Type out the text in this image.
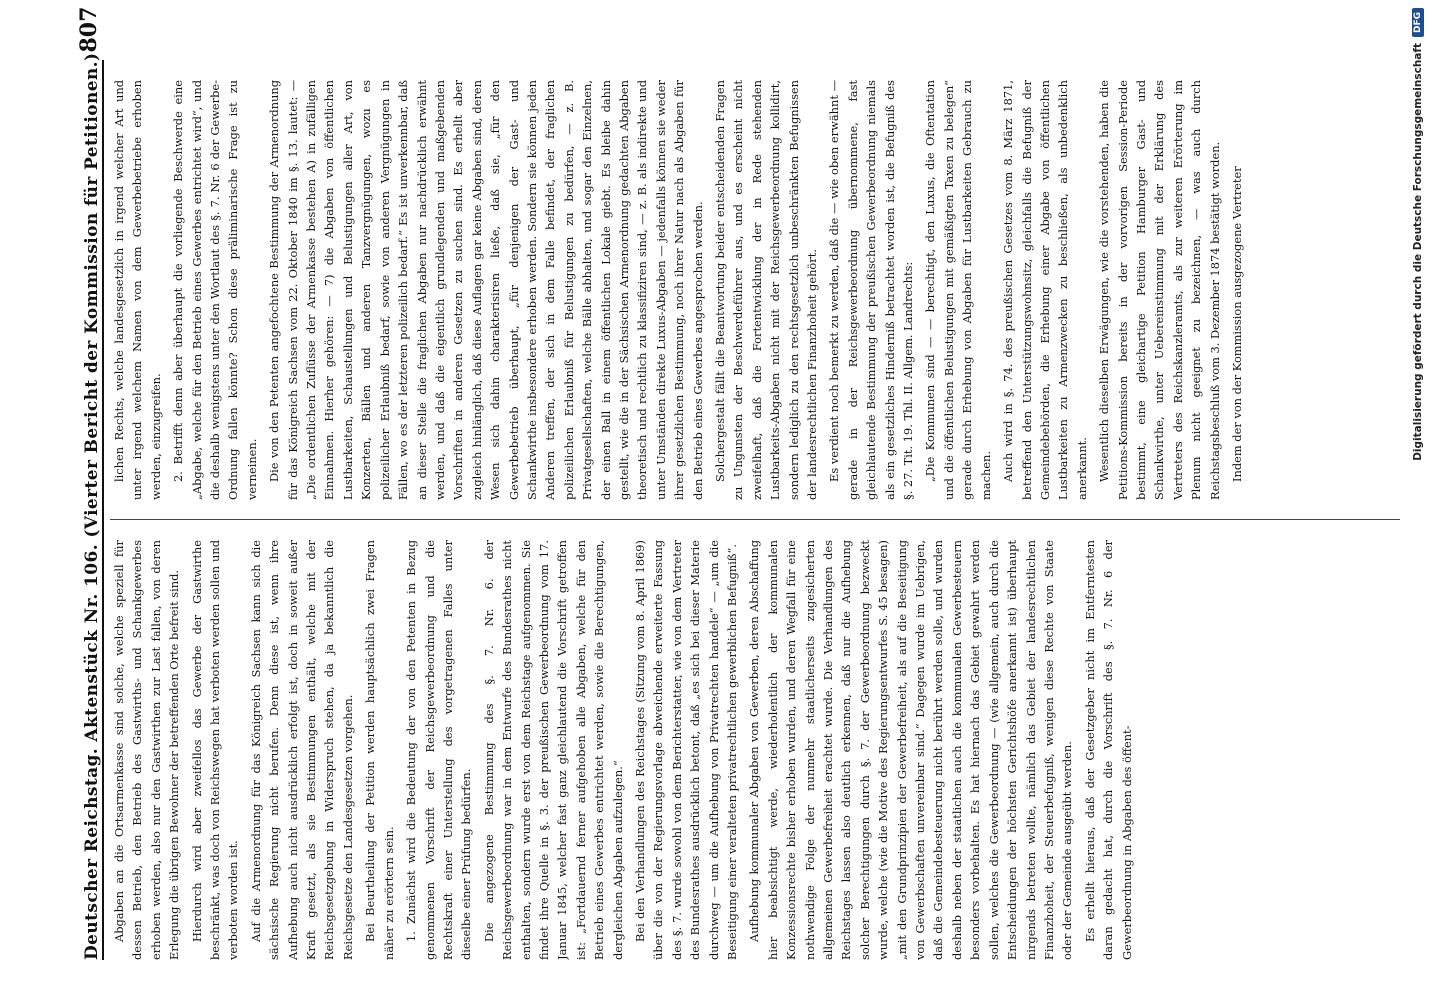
Deutscher Reichstag. Aktenstück Nr. 106. (Vierter Bericht der Kommission für Petitionen.)
807

Abgaben an die Ortsarmenkasse sind solche, welche speziell für dessen Betrieb, den Betrieb des Gastwirths- und Schankgewerbes erhoben werden, also nur den Gastwirthen zur Last fallen, von deren Erlegung die übrigen Bewohner der betreffenden Orte befreit sind. Hierdurch wird aber zweifellos das Gewerbe der Gastwirthe beschränkt, was doch von Reichswegen hat verboten werden sollen und verboten worden ist. Auf die Armenordnung für das Königreich Sachsen kann sich die sächsische Regierung nicht berufen. Denn diese ist, wenn ihre Aufhebung auch nicht ausdrücklich erfolgt ist, doch in soweit außer Kraft gesetzt, als sie Bestimmungen enthält, welche mit der Reichsgesetzgebung in Widerspruch stehen, da ja bekanntlich die Reichsgesetze den Landesgesetzen vorgehen. Bei Beurtheilung der Petition werden hauptsächlich zwei Fragen näher zu erörtern sein. 1. Zunächst wird die Bedeutung der von den Petenten in Bezug genommenen Vorschrift der Reichsgewerbeordnung und die Rechtskraft einer Unterstellung des vorgetragenen Falles unter dieselbe einer Prüfung bedürfen. Die angezogene Bestimmung des §. 7. Nr. 6. der Reichsgewerbeordnung war in dem Entwurfe des Bundesrathes nicht enthalten, sondern wurde erst von dem Reichstage aufgenommen. Sie findet ihre Quelle in §. 3. der preußischen Gewerbeordnung vom 17. Januar 1845, welcher fast ganz gleichlautend die Vorschrift getroffen ist: „Fortdauernd ferner aufgehoben alle Abgaben, welche für den Betrieb eines Gewerbes entrichtet werden, sowie die Berechtigungen, dergleichen Abgaben aufzulegen.“ Bei den Verhandlungen des Reichstages (Sitzung vom 8. April 1869) über die von der Regierungsvorlage abweichende erweiterte Fassung des §. 7. wurde sowohl von dem Berichterstatter, wie von dem Vertreter des Bundesrathes ausdrücklich betont, daß „es sich bei dieser Materie durchweg — um die Aufhebung von Privatrechten handele“ — „um die Beseitigung einer veralteten privatrechtlichen gewerblichen Befugniß“. Aufhebung kommunaler Abgaben von Gewerben, deren Abschaffung hier beabsichtigt werde, wiederholentlich der kommunalen Konzessionsrechte bisher erhoben wurden, und deren Wegfall für eine nothwendige Folge der nunmehr staatlicherseits zugesicherten allgemeinen Gewerbefreiheit erachtet wurde. Die Verhandlungen des Reichstages lassen also deutlich erkennen, daß nur die Aufhebung solcher Berechtigungen durch §. 7. der Gewerbeordnung bezweckt wurde, welche (wie die Motive des Regierungsentwurfes S. 45 besagen) „mit den Grundprinzipien der Gewerbefreiheit, als auf die Beseitigung von Gewerbschaften unvereinbar sind.“ Dagegen wurde im Uebrigen, daß die Gemeindebesteuerung nicht berührt werden solle, und wurden deshalb neben der staatlichen auch die kommunalen Gewerbesteuern besonders vorbehalten. Es hat hiernach das Gebiet gewahrt werden sollen, welches die Gewerbeordnung — (wie allgemein, auch durch die Entscheidungen der höchsten Gerichtshöfe anerkannt ist) überhaupt nirgends betreten wollte, nämlich das Gebiet der landesrechtlichen Finanzhoheit, der Steuerbefugniß, wenigen diese Rechte von Staate oder der Gemeinde ausgeübt werden. Es erhellt hieraus, daß der Gesetzgeber nicht im Entferntesten daran gedacht hat, durch die Vorschrift des §. 7. Nr. 6 der Gewerbeordnung in Abgaben des öffent-

lichen Rechts, welche landesgesetzlich in irgend welcher Art und unter irgend welchem Namen von dem Gewerbebetriebe erhoben werden, einzugreifen. 2. Betrifft denn aber überhaupt die vorliegende Beschwerde eine „Abgabe, welche für den Betrieb eines Gewerbes entrichtet wird“, und die deshalb wenigstens unter den Wortlaut des §. 7. Nr. 6 der Gewerbe-Ordnung fallen könnte? Schon diese präliminarische Frage ist zu verneinen. Die von den Petenten angefochtene Bestimmung der Armenordnung für das Königreich Sachsen vom 22. Oktober 1840 im §. 13. lautet: — „Die ordentlichen Zuflüsse der Armenkasse bestehen A) in zufälligen Einnahmen. Hierher gehören: — 7) die Abgaben von öffentlichen Lustbarkeiten, Schaustellungen und Belustigungen aller Art, von Konzerten, Bällen und anderen Tanzvergnügungen, wozu es polizeilicher Erlaubniß bedarf, sowie von anderen Vergnügungen in Fällen, wo es der letzteren polizeilich bedarf.“ Es ist unverkennbar, daß an dieser Stelle die fraglichen Abgaben nur nachdrücklich erwähnt werden, und daß die eigentlich grundlegenden und maßgebenden Vorschriften in anderen Gesetzen zu suchen sind. Es erhellt aber zugleich hinlänglich, daß diese Auflagen gar keine Abgaben sind, deren Wesen sich dahin charakterisiren ließe, daß sie, „für den Gewerbebetrieb überhaupt, „für denjenigen der Gast- und Schankwirthe insbesondere erhoben werden. Sondern sie können jeden Anderen treffen, der sich in dem Falle befindet, der fraglichen polizeilichen Erlaubniß für Belustigungen zu bedürfen, — z. B. Privatgesellschaften, welche Bälle abhalten, und sogar den Einzelnen, der einen Ball in einem öffentlichen Lokale giebt. Es bleibe dahin gestellt, wie die in der Sächsischen Armenordnung gedachten Abgaben theoretisch und rechtlich zu klassifiziren sind, — z. B. als indirekte und unter Umständen direkte Luxus-Abgaben — jedenfalls können sie weder ihrer gesetzlichen Bestimmung, noch ihrer Natur nach als Abgaben für den Betrieb eines Gewerbes angesprochen werden. Solchergestalt fällt die Beantwortung beider entscheidenden Fragen zu Ungunsten der Beschwerdeführer aus, und es erscheint nicht zweifelhaft, daß die Fortentwicklung der in Rede stehenden Lustbarkeits-Abgaben nicht mit der Reichsgewerbeordnung kollidirt, sondern lediglich zu den rechtsgesetzlich unbeschränkten Befugnissen der landesrechtlichen Finanzhoheit gehört. Es verdient noch bemerkt zu werden, daß die — wie oben erwähnt — gerade in der Reichsgewerbeordnung übernommene, fast gleichlautende Bestimmung der preußischen Gewerbeordnung niemals als ein gesetzliches Hinderniß betrachtet worden ist, die Befugniß des §. 27. Tit. 19. Thl. II. Allgem. Landrechts: „Die Kommunen sind — — berechtigt, den Luxus, die Oftentation und die öffentlichen Belustigungen mit gemäßigten Taxen zu belegen“ gerade durch Erhebung von Abgaben für Lustbarkeiten Gebrauch zu machen. Auch wird in §. 74. des preußischen Gesetzes vom 8. März 1871, betreffend den Unterstützungswohnsitz, gleichfalls die Befugniß der Gemeindebehörden, die Erhebung einer Abgabe von öffentlichen Lustbarkeiten zu Armenzwecken zu beschließen, als unbedenklich anerkannt. Wesentlich dieselben Erwägungen, wie die vorstehenden, haben die Petitions-Kommission bereits in der vorvorigen Session-Periode bestimmt, eine gleichartige Petition Hamburger Gast- und Schankwirthe, unter Uebereinstimmung mit der Erklärung des Vertreters des Reichskanzleramts, als zur weiteren Erörterung im Plenum nicht geeignet zu bezeichnen, — was auch durch Reichstagsbeschluß vom 3. Dezember 1874 bestätigt worden. Indem der von der Kommission ausgezogene Vertreter	Digitalisierung gefördert durch die Deutsche Forschungsgemeinschaft
DFG
